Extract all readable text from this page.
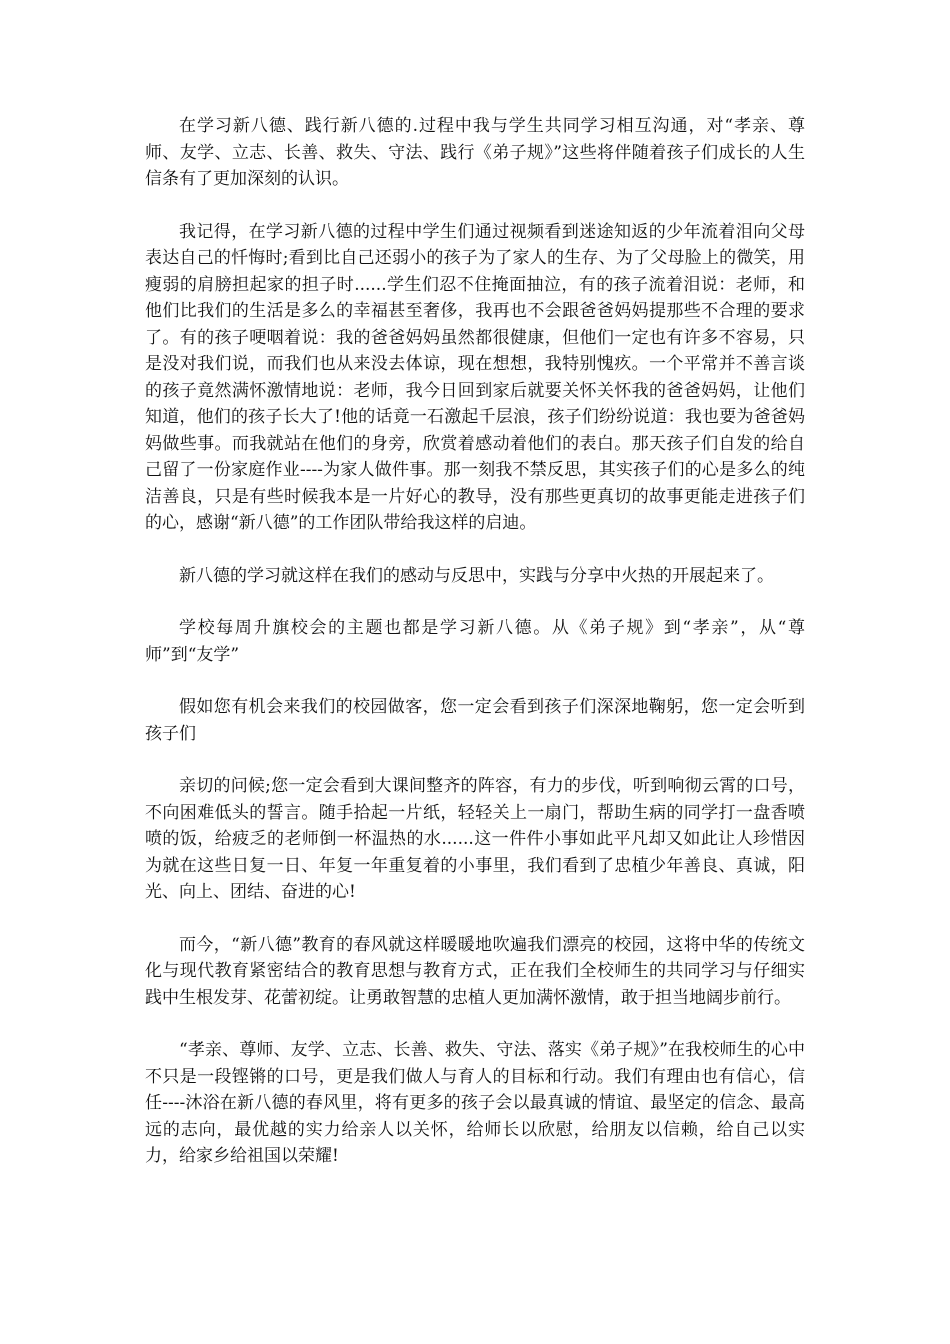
在学习新八德、践行新八德的.过程中我与学生共同学习相互沟通，对“孝亲、尊师、友学、立志、长善、救失、守法、践行《弟子规》”这些将伴随着孩子们成长的人生信条有了更加深刻的认识。

我记得，在学习新八德的过程中学生们通过视频看到迷途知返的少年流着泪向父母表达自己的忏悔时;看到比自己还弱小的孩子为了家人的生存、为了父母脸上的微笑，用瘦弱的肩膀担起家的担子时......学生们忍不住掩面抽泣，有的孩子流着泪说：老师，和他们比我们的生活是多么的幸福甚至奢侈，我再也不会跟爸爸妈妈提那些不合理的要求了。有的孩子哽咽着说：我的爸爸妈妈虽然都很健康，但他们一定也有许多不容易，只是没对我们说，而我们也从来没去体谅，现在想想，我特别愧疚。一个平常并不善言谈的孩子竟然满怀激情地说：老师，我今日回到家后就要关怀关怀我的爸爸妈妈，让他们知道，他们的孩子长大了!他的话竟一石激起千层浪，孩子们纷纷说道：我也要为爸爸妈妈做些事。而我就站在他们的身旁，欣赏着感动着他们的表白。那天孩子们自发的给自己留了一份家庭作业----为家人做件事。那一刻我不禁反思，其实孩子们的心是多么的纯洁善良，只是有些时候我本是一片好心的教导，没有那些更真切的故事更能走进孩子们的心，感谢“新八德”的工作团队带给我这样的启迪。

新八德的学习就这样在我们的感动与反思中，实践与分享中火热的开展起来了。

学校每周升旗校会的主题也都是学习新八德。从《弟子规》到“孝亲”，从“尊师”到“友学”

假如您有机会来我们的校园做客，您一定会看到孩子们深深地鞠躬，您一定会听到孩子们

亲切的问候;您一定会看到大课间整齐的阵容，有力的步伐，听到响彻云霄的口号，不向困难低头的誓言。随手拾起一片纸，轻轻关上一扇门，帮助生病的同学打一盘香喷喷的饭，给疲乏的老师倒一杯温热的水......这一件件小事如此平凡却又如此让人珍惜因为就在这些日复一日、年复一年重复着的小事里，我们看到了忠植少年善良、真诚，阳光、向上、团结、奋进的心!

而今，“新八德”教育的春风就这样暖暖地吹遍我们漂亮的校园，这将中华的传统文化与现代教育紧密结合的教育思想与教育方式，正在我们全校师生的共同学习与仔细实践中生根发芽、花蕾初绽。让勇敢智慧的忠植人更加满怀激情，敢于担当地阔步前行。

“孝亲、尊师、友学、立志、长善、救失、守法、落实《弟子规》”在我校师生的心中不只是一段铿锵的口号，更是我们做人与育人的目标和行动。我们有理由也有信心，信任----沐浴在新八德的春风里，将有更多的孩子会以最真诚的情谊、最坚定的信念、最高远的志向，最优越的实力给亲人以关怀，给师长以欣慰，给朋友以信赖，给自己以实力，给家乡给祖国以荣耀!
